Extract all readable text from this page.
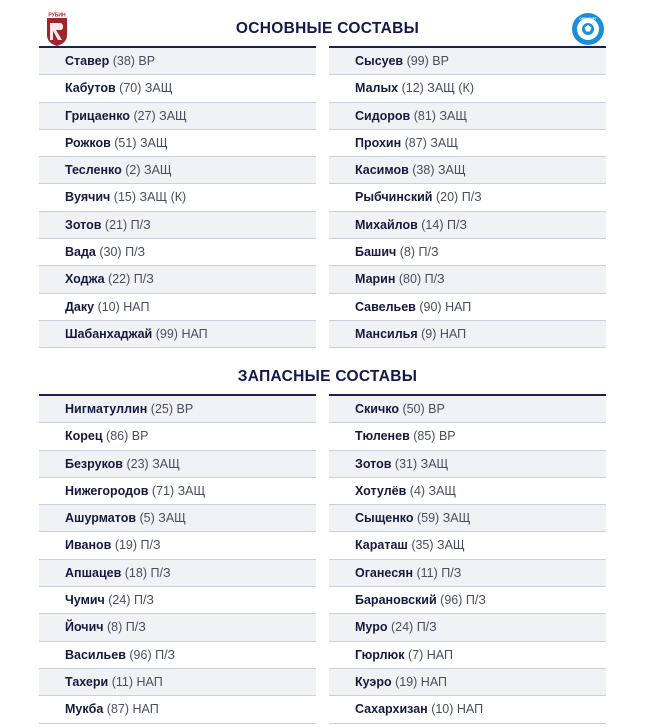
РУБИН
ОСНОВНЫЕ СОСТАВЫ
ОРЕНБУРГ
Ставер (38) ВР
Кабутов (70) ЗАЩ
Грицаенко (27) ЗАЩ
Рожков (51) ЗАЩ
Тесленко (2) ЗАЩ
Вуячич (15) ЗАЩ (К)
Зотов (21) П/З
Вада (30) П/З
Ходжа (22) П/З
Даку (10) НАП
Шабанхаджай (99) НАП
Сысуев (99) ВР
Малых (12) ЗАЩ (К)
Сидоров (81) ЗАЩ
Прохин (87) ЗАЩ
Касимов (38) ЗАЩ
Рыбчинский (20) П/З
Михайлов (14) П/З
Башич (8) П/З
Марин (80) П/З
Савельев (90) НАП
Мансилья (9) НАП
ЗАПАСНЫЕ СОСТАВЫ
Нигматуллин (25) ВР
Корец (86) ВР
Безруков (23) ЗАЩ
Нижегородов (71) ЗАЩ
Ашурматов (5) ЗАЩ
Иванов (19) П/З
Апшацев (18) П/З
Чумич (24) П/З
Йочич (8) П/З
Васильев (96) П/З
Тахери (11) НАП
Мукба (87) НАП
Скичко (50) ВР
Тюленев (85) ВР
Зотов (31) ЗАЩ
Хотулёв (4) ЗАЩ
Сыщенко (59) ЗАЩ
Караташ (35) ЗАЩ
Оганесян (11) П/З
Барановский (96) П/З
Муро (24) П/З
Гюрлюк (7) НАП
Куэро (19) НАП
Сахархизан (10) НАП
